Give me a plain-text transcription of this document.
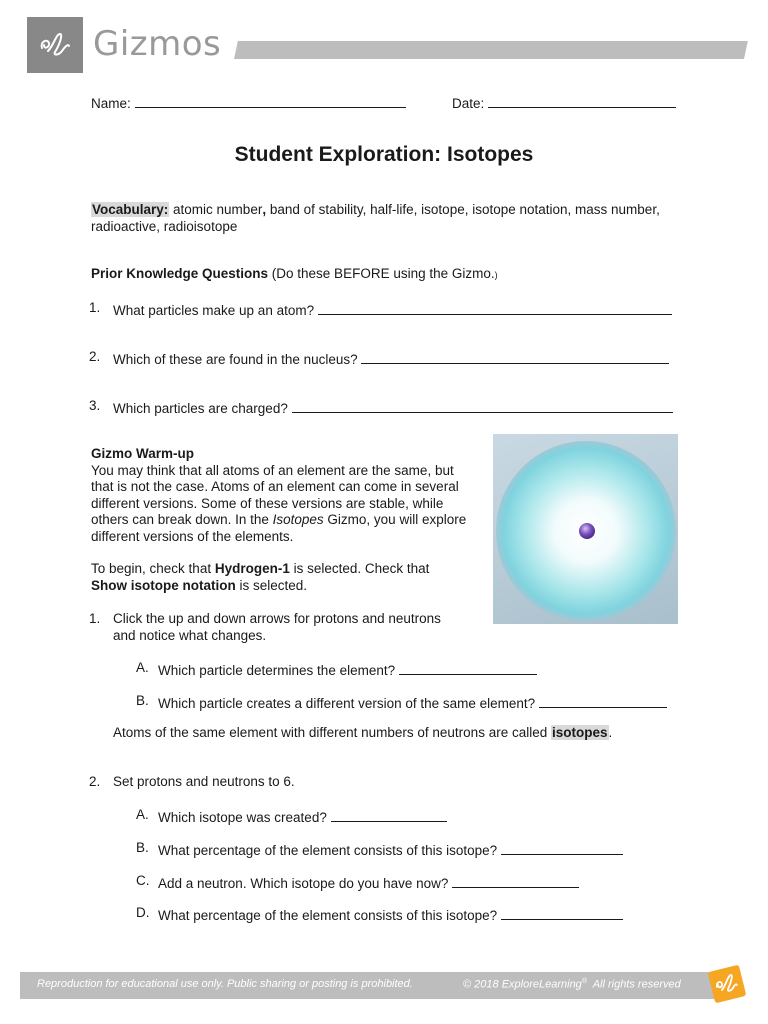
Gizmos
Name:	Date:
Student Exploration: Isotopes
Vocabulary: atomic number, band of stability, half-life, isotope, isotope notation, mass number,
radioactive, radioisotope
Prior Knowledge Questions (Do these BEFORE using the Gizmo.)
1. What particles make up an atom?
2. Which of these are found in the nucleus?
3. Which particles are charged?
Gizmo Warm-up
You may think that all atoms of an element are the same, but
that is not the case. Atoms of an element can come in several
different versions. Some of these versions are stable, while
others can break down. In the Isotopes Gizmo, you will explore
different versions of the elements.
To begin, check that Hydrogen-1 is selected. Check that
Show isotope notation is selected.
1. Click the up and down arrows for protons and neutrons
and notice what changes.
A. Which particle determines the element?
B. Which particle creates a different version of the same element?
Atoms of the same element with different numbers of neutrons are called isotopes.
2. Set protons and neutrons to 6.
A. Which isotope was created?
B. What percentage of the element consists of this isotope?
C. Add a neutron. Which isotope do you have now?
D. What percentage of the element consists of this isotope?
Reproduction for educational use only. Public sharing or posting is prohibited.	© 2018 ExploreLearning®  All rights reserved
